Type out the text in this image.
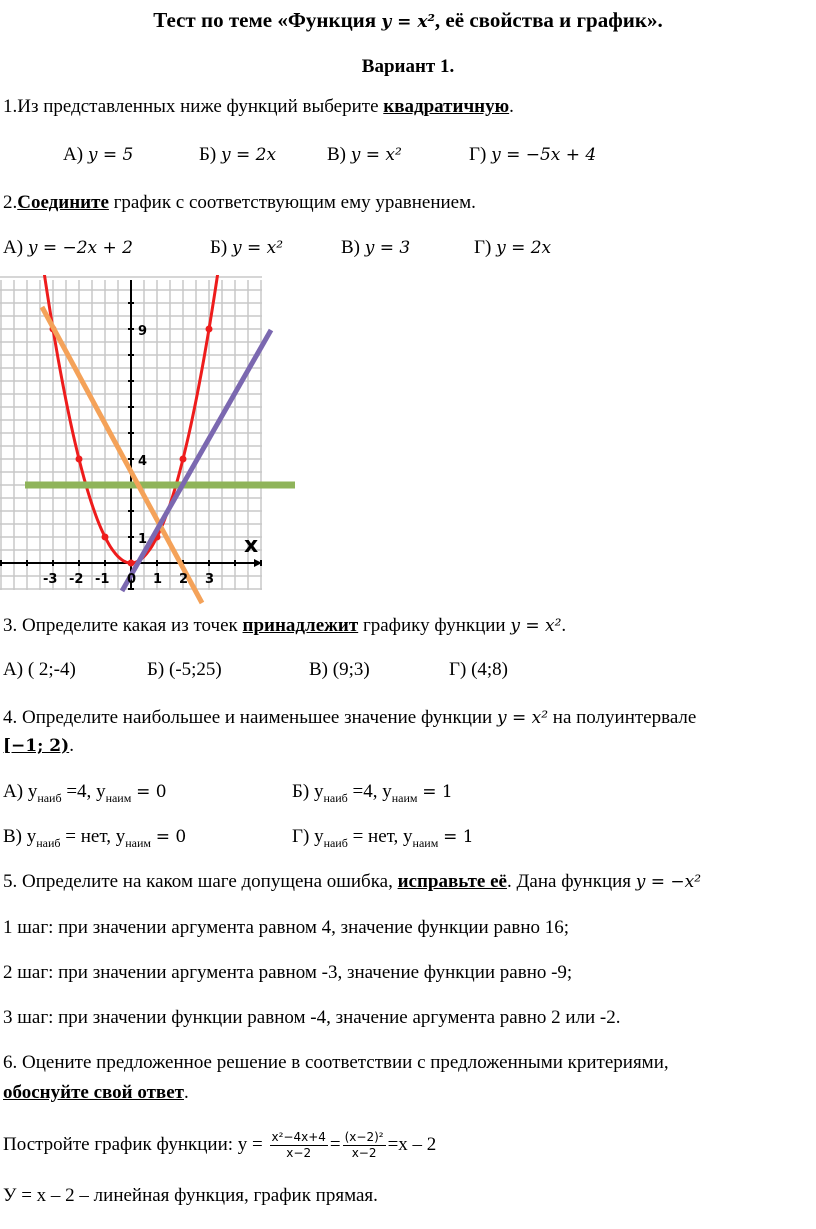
Тест по теме «Функция y = x², её свойства и график».
Вариант 1.
1.Из представленных ниже функций выберите квадратичную.
А) y = 5	Б) y = 2x	В) y = x²	Г) y = −5x + 4
2.Соедините график с соответствующим ему уравнением.
А) y = −2x + 2	Б) y = x²	В) y = 3	Г) y = 2x
x
-3 -2 -1 0 1 2 3
9
4
1
3. Определите какая из точек принадлежит графику функции y = x².
А) ( 2;-4)	Б) (-5;25)	В) (9;3)	Г) (4;8)
4. Определите наибольшее и наименьшее значение функции y = x² на полуинтервале
[−1; 2).
А) $у_{наиб} =4$, $у_{наим} = 0$	Б) $у_{наиб} =4$, $у_{наим} = 1$
В) $у_{наиб}$ = нет, $у_{наим} = 0$	Г) $у_{наиб}$ = нет, $у_{наим} = 1$
5. Определите на каком шаге допущена ошибка, исправьте её. Дана функция y = −x²
1 шаг: при значении аргумента равном 4, значение функции равно 16;
2 шаг: при значении аргумента равном -3, значение функции равно -9;
3 шаг: при значении функции равном -4, значение аргумента равно 2 или -2.
6. Оцените предложенное решение в соответствии с предложенными критериями,
обоснуйте свой ответ.
Постройте график функции: $у = \frac{\text{x²−4x+4}}{x-2} = \frac{\text{(x−2)²}}{x-2} =x - 2$
У = x – 2 – линейная функция, график прямая.
